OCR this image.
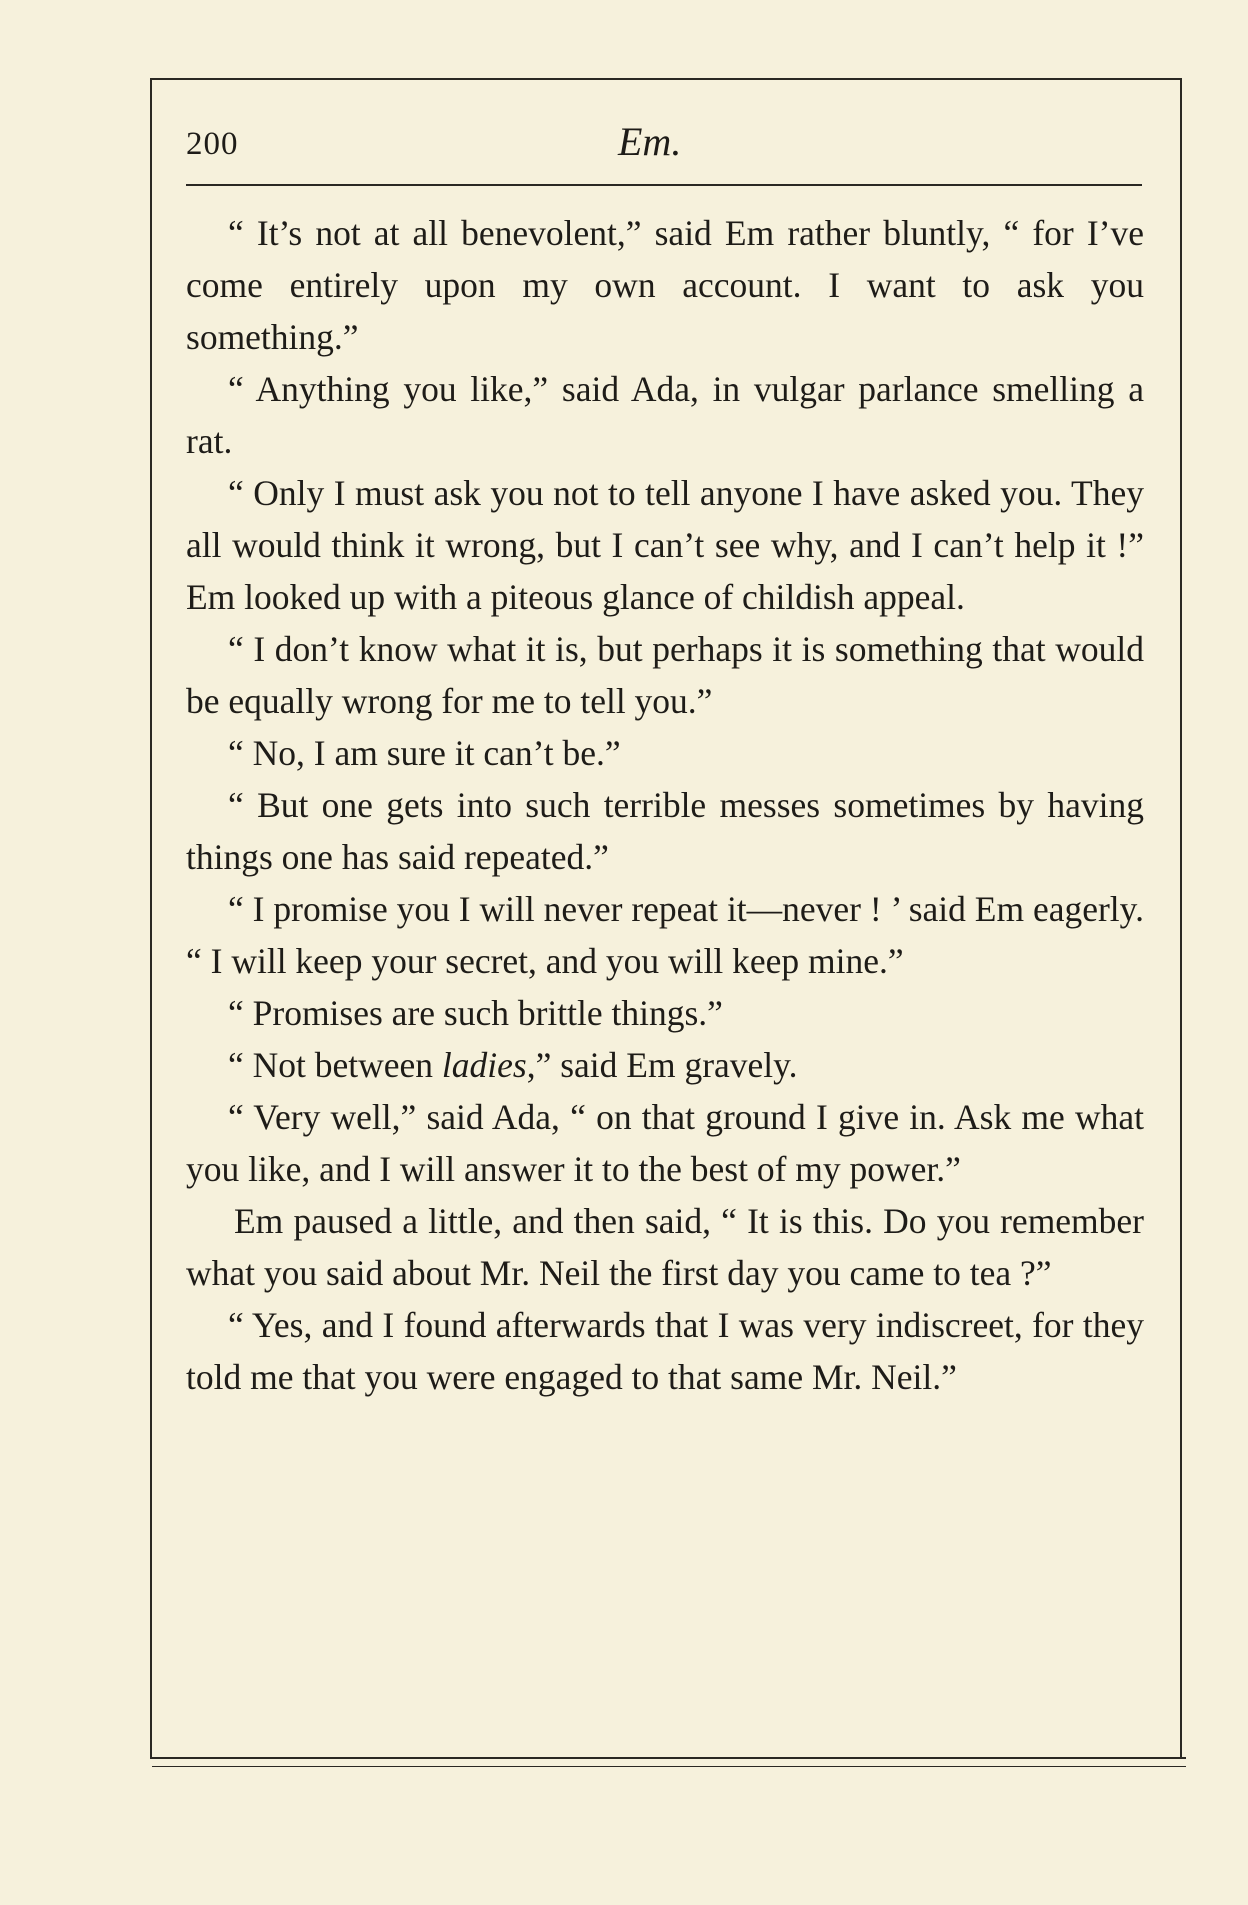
200	Em.

“ It’s not at all benevolent,” said Em rather bluntly, “ for I’ve come entirely upon my own account. I want to ask you something.”

“ Anything you like,” said Ada, in vulgar parlance smelling a rat.

“ Only I must ask you not to tell anyone I have asked you. They all would think it wrong, but I can’t see why, and I can’t help it !” Em looked up with a piteous glance of childish appeal.

“ I don’t know what it is, but perhaps it is something that would be equally wrong for me to tell you.”

“ No, I am sure it can’t be.”

“ But one gets into such terrible messes sometimes by having things one has said repeated.”

“ I promise you I will never repeat it—never ! ’ said Em eagerly. “ I will keep your secret, and you will keep mine.”

“ Promises are such brittle things.”

“ Not between ladies,” said Em gravely.

“ Very well,” said Ada, “ on that ground I give in. Ask me what you like, and I will answer it to the best of my power.”

Em paused a little, and then said, “ It is this. Do you remember what you said about Mr. Neil the first day you came to tea ?”

“ Yes, and I found afterwards that I was very indiscreet, for they told me that you were engaged to that same Mr. Neil.”
